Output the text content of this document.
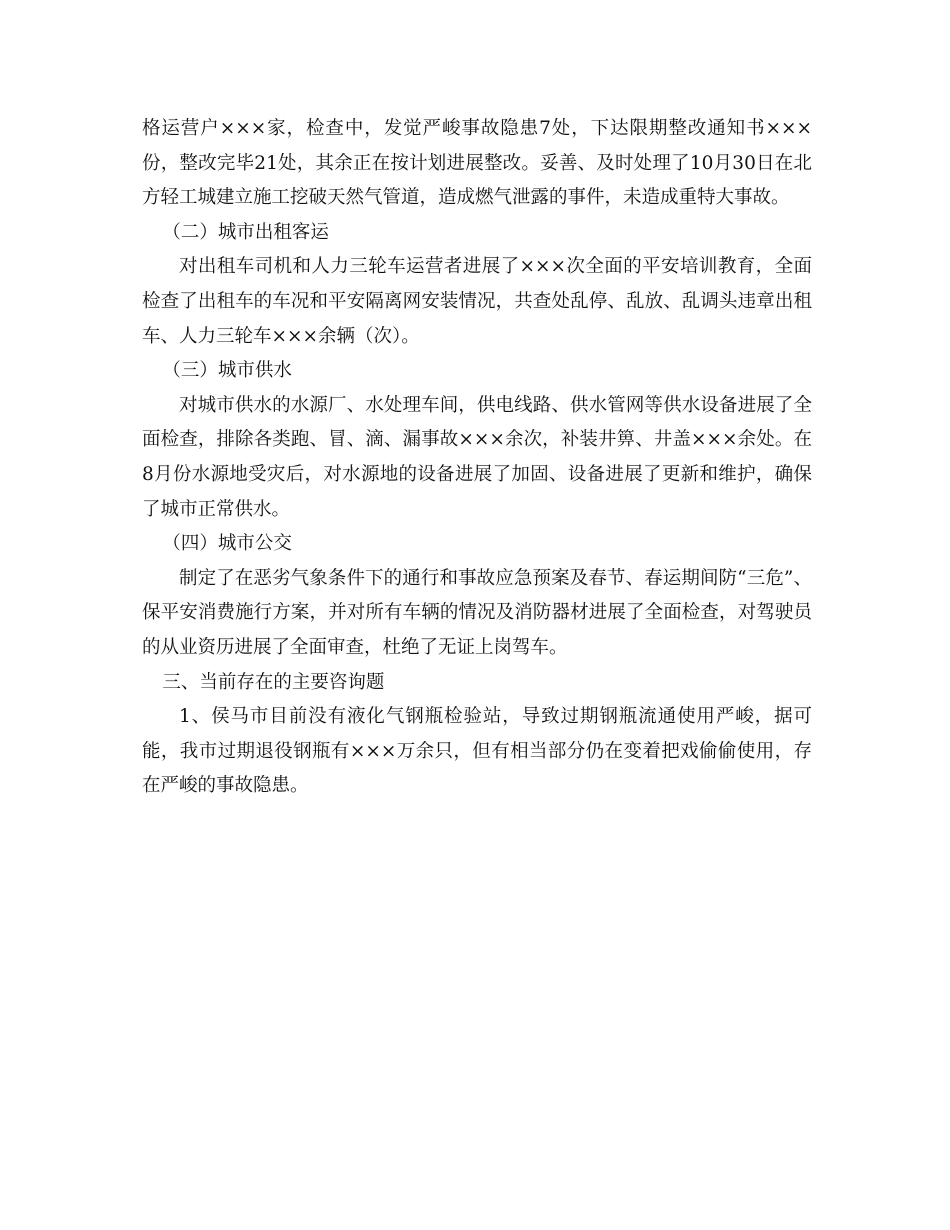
格运营户×××家，检查中，发觉严峻事故隐患7处，下达限期整改通知书×××份，整改完毕21处，其余正在按计划进展整改。妥善、及时处理了10月30日在北方轻工城建立施工挖破天然气管道，造成燃气泄露的事件，未造成重特大事故。

（二）城市出租客运

对出租车司机和人力三轮车运营者进展了×××次全面的平安培训教育，全面检查了出租车的车况和平安隔离网安装情况，共查处乱停、乱放、乱调头违章出租车、人力三轮车×××余辆（次）。

（三）城市供水

对城市供水的水源厂、水处理车间，供电线路、供水管网等供水设备进展了全面检查，排除各类跑、冒、滴、漏事故×××余次，补装井箅、井盖×××余处。在8月份水源地受灾后，对水源地的设备进展了加固、设备进展了更新和维护，确保了城市正常供水。

（四）城市公交

制定了在恶劣气象条件下的通行和事故应急预案及春节、春运期间防“三危”、保平安消费施行方案，并对所有车辆的情况及消防器材进展了全面检查，对驾驶员的从业资历进展了全面审查，杜绝了无证上岗驾车。

三、当前存在的主要咨询题

1、侯马市目前没有液化气钢瓶检验站，导致过期钢瓶流通使用严峻，据可能，我市过期退役钢瓶有×××万余只，但有相当部分仍在变着把戏偷偷使用，存在严峻的事故隐患。
